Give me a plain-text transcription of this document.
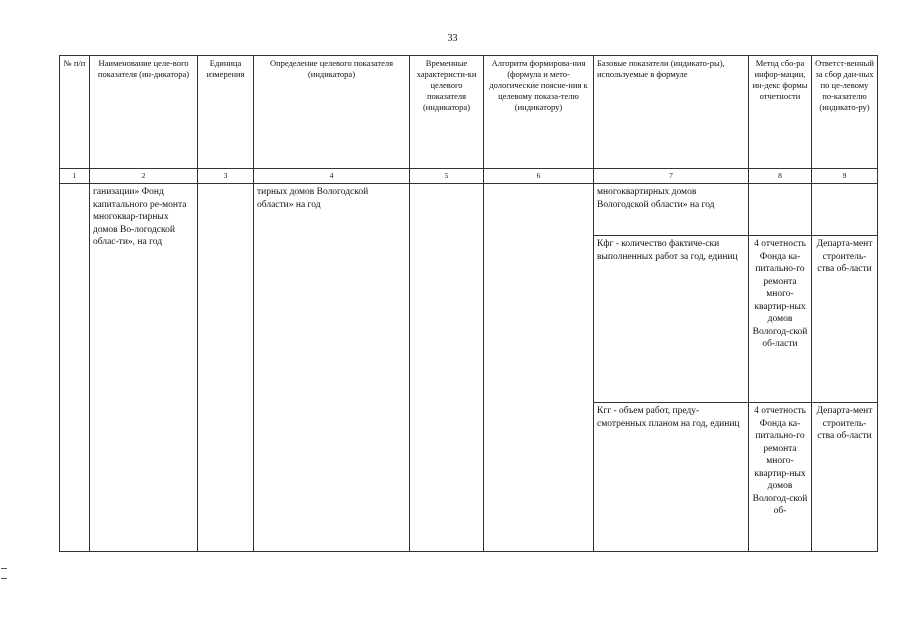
33
№ п/п	Наименование целе-вого показателя (ин-дикатора)	Единица измерения	Определение целевого показателя (индикатора)	Временные характеристи-ки целевого показателя (индикатора)	Алгоритм формирова-ния (формула и мето-дологические поясне-ния к целевому показа-телю (индикатору)	Базовые показатели (индикато-ры), используемые в формуле	Метод сбо-ра инфор-мации, ин-декс формы отчетности	Ответст-венный за сбор дан-ных по це-левому по-казателю (индикато-ру)
1	2	3	4	5	6	7	8	9
	ганизации» Фонд капитального ре-монта многоквар-тирных домов Во-логодской облас-ти», на год		тирных домов Вологодской области» на год			многоквартирных домов Вологодской области» на год		
						Кфг - количество фактиче-ски выполненных работ за год, единиц	4 отчетность Фонда ка-питально-го ремонта много-квартир-ных домов Вологод-ской об-ласти	Департа-мент строитель-ства об-ласти
						Кгг - объем работ, преду-смотренных планом на год, единиц	4 отчетность Фонда ка-питально-го ремонта много-квартир-ных домов Вологод-ской об-	Департа-мент строитель-ства об-ласти
